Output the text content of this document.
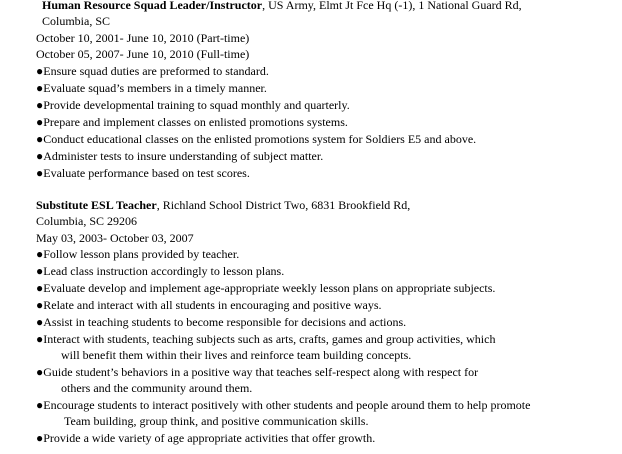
Human Resource Squad Leader/Instructor, US Army, Elmt Jt Fce Hq (-1), 1 National Guard Rd,
Columbia, SC
October 10, 2001- June 10, 2010 (Part-time)
October 05, 2007- June 10, 2010 (Full-time)
●Ensure squad duties are preformed to standard.
●Evaluate squad’s members in a timely manner.
●Provide developmental training to squad monthly and quarterly.
●Prepare and implement classes on enlisted promotions systems.
●Conduct educational classes on the enlisted promotions system for Soldiers E5 and above.
●Administer tests to insure understanding of subject matter.
●Evaluate performance based on test scores.
Substitute ESL Teacher, Richland School District Two, 6831 Brookfield Rd,
Columbia, SC 29206
May 03, 2003- October 03, 2007
●Follow lesson plans provided by teacher.
●Lead class instruction accordingly to lesson plans.
●Evaluate develop and implement age-appropriate weekly lesson plans on appropriate subjects.
●Relate and interact with all students in encouraging and positive ways.
●Assist in teaching students to become responsible for decisions and actions.
●Interact with students, teaching subjects such as arts, crafts, games and group activities, which
will benefit them within their lives and reinforce team building concepts.
●Guide student’s behaviors in a positive way that teaches self-respect along with respect for
others and the community around them.
●Encourage students to interact positively with other students and people around them to help promote
Team building, group think, and positive communication skills.
●Provide a wide variety of age appropriate activities that offer growth.
